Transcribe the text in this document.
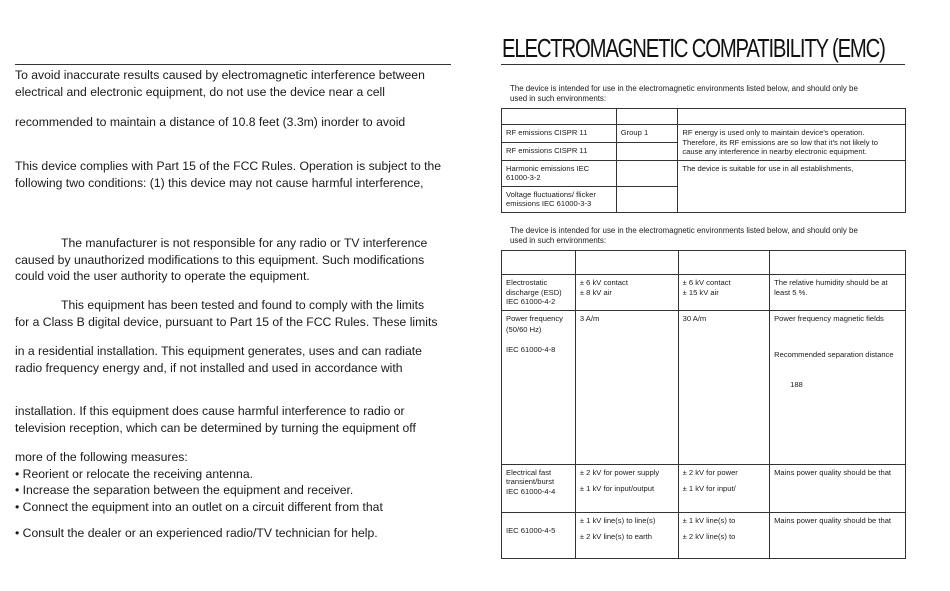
To avoid inaccurate results caused by electromagnetic interference between
electrical and electronic equipment, do not use the device near a cell

recommended to maintain a distance of 10.8 feet (3.3m) inorder to avoid

This device complies with Part 15 of the FCC Rules. Operation is subject to the
following two conditions: (1) this device may not cause harmful interference,

The manufacturer is not responsible for any radio or TV interference
caused by unauthorized modifications to this equipment. Such modifications
could void the user authority to operate the equipment.

This equipment has been tested and found to comply with the limits
for a Class B digital device, pursuant to Part 15 of the FCC Rules. These limits

in a residential installation. This equipment generates, uses and can radiate
radio frequency energy and, if not installed and used in accordance with

installation. If this equipment does cause harmful interference to radio or
television reception, which can be determined by turning the equipment off

more of the following measures:
• Reorient or relocate the receiving antenna.
• Increase the separation between the equipment and receiver.
• Connect the equipment into an outlet on a circuit different from that

• Consult the dealer or an experienced radio/TV technician for help.

ELECTROMAGNETIC COMPATIBILITY (EMC)

The device is intended for use in the electromagnetic environments listed below, and should only be
used in such environments:

RF emissions CISPR 11	Group 1	RF energy is used only to maintain device's operation.
Therefore, its RF emissions are so low that it's not likely to
cause any interference in nearby electronic equipment.

RF emissions CISPR 11		

Harmonic emissions IEC
61000-3-2		The device is suitable for use in all establishments,

Voltage fluctuations/ flicker
emissions IEC 61000-3-3		

The device is intended for use in the electromagnetic environments listed below, and should only be
used in such environments:

Electrostatic
discharge (ESD)
IEC 61000-4-2	± 6 kV contact
± 8 kV air	± 6 kV contact
± 15 kV air	The relative humidity should be at
least 5 %.

Power frequency
(50/60 Hz)
IEC 61000-4-8	3 A/m	30 A/m	Power frequency magnetic fields
Recommended separation distance
188

Electrical fast
transient/burst
IEC 61000-4-4	± 2 kV for power supply
± 1 kV for input/output	± 2 kV for power
± 1 kV for input/	Mains power quality should be that

IEC 61000-4-5	± 1 kV line(s) to line(s)
± 2 kV line(s) to earth	± 1 kV line(s) to
± 2 kV line(s) to	Mains power quality should be that
